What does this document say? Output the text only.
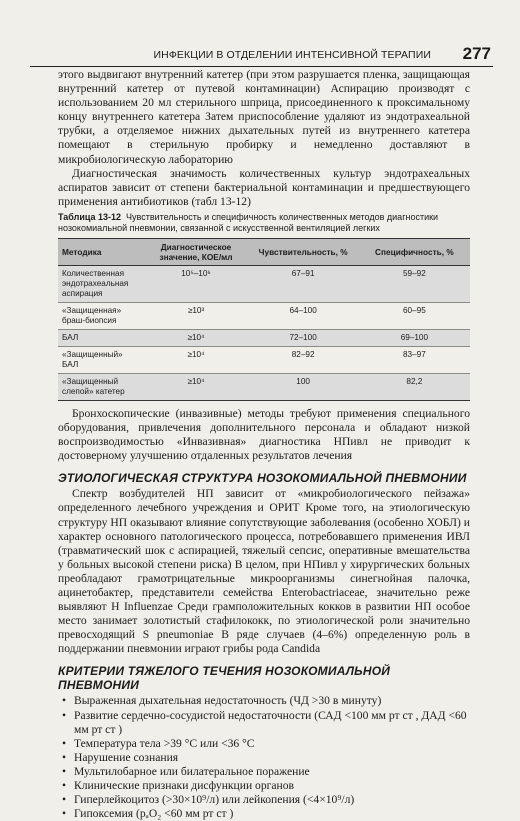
ИНФЕКЦИИ В ОТДЕЛЕНИИ ИНТЕНСИВНОЙ ТЕРАПИИ 277

этого выдвигают внутренний катетер (при этом разрушается пленка, защищающая внутренний катетер от путевой контаминации) Аспирацию производят с использованием 20 мл стерильного шприца, присоединенного к проксимальному концу внутреннего катетера Затем приспособление удаляют из эндотрахеальной трубки, а отделяемое нижних дыхательных путей из внутреннего катетера помещают в стерильную пробирку и немедленно доставляют в микробиологическую лабораторию

Диагностическая значимость количественных культур эндотрахеальных аспиратов зависит от степени бактериальной контаминации и предшествующего применения антибиотиков (табл 13-12)

Таблица 13-12 Чувствительность и специфичность количественных методов диагностики нозокомиальной пневмонии, связанной с искусственной вентиляцией легких
Методика	Диагностическое значение, КОЕ/мл	Чувствительность, %	Специфичность, %
Количественная эндотрахеальная аспирация	10⁵–10⁶	67–91	59–92
«Защищенная» браш-биопсия	≥10³	64–100	60–95
БАЛ	≥10⁴	72–100	69–100
«Защищенный» БАЛ	≥10⁴	82–92	83–97
«Защищенный слепой» катетер	≥10⁴	100	82,2

Бронхоскопические (инвазивные) методы требуют применения специального оборудования, привлечения дополнительного персонала и обладают низкой воспроизводимостью «Инвазивная» диагностика НПивл не приводит к достоверному улучшению отдаленных результатов лечения

ЭТИОЛОГИЧЕСКАЯ СТРУКТУРА НОЗОКОМИАЛЬНОЙ ПНЕВМОНИИ

Спектр возбудителей НП зависит от «микробиологического пейзажа» определенного лечебного учреждения и ОРИТ Кроме того, на этиологическую структуру НП оказывают влияние сопутствующие заболевания (особенно ХОБЛ) и характер основного патологического процесса, потребовавшего применения ИВЛ (травматический шок с аспирацией, тяжелый сепсис, оперативные вмешательства у больных высокой степени риска) В целом, при НПивл у хирургических больных преобладают грамотрицательные микроорганизмы синегнойная палочка, ацинетобактер, представители семейства Enterobactriaceae, значительно реже выявляют H Influenzae Среди грамположительных кокков в развитии НП особое место занимает золотистый стафилококк, по этиологической роли значительно превосходящий S pneumoniae В ряде случаев (4–6%) определенную роль в поддержании пневмонии играют грибы рода Candida

КРИТЕРИИ ТЯЖЕЛОГО ТЕЧЕНИЯ НОЗОКОМИАЛЬНОЙ ПНЕВМОНИИ
• Выраженная дыхательная недостаточность (ЧД >30 в минуту)
• Развитие сердечно-сосудистой недостаточности (САД <100 мм рт ст , ДАД <60 мм рт ст )
• Температура тела >39 °С или <36 °С
• Нарушение сознания
• Мультилобарное или билатеральное поражение
• Клинические признаки дисфункции органов
• Гиперлейкоцитоз (>30×10⁹/л) или лейкопения (<4×10⁹/л)
• Гипоксемия (pₐO₂ <60 мм рт ст )
